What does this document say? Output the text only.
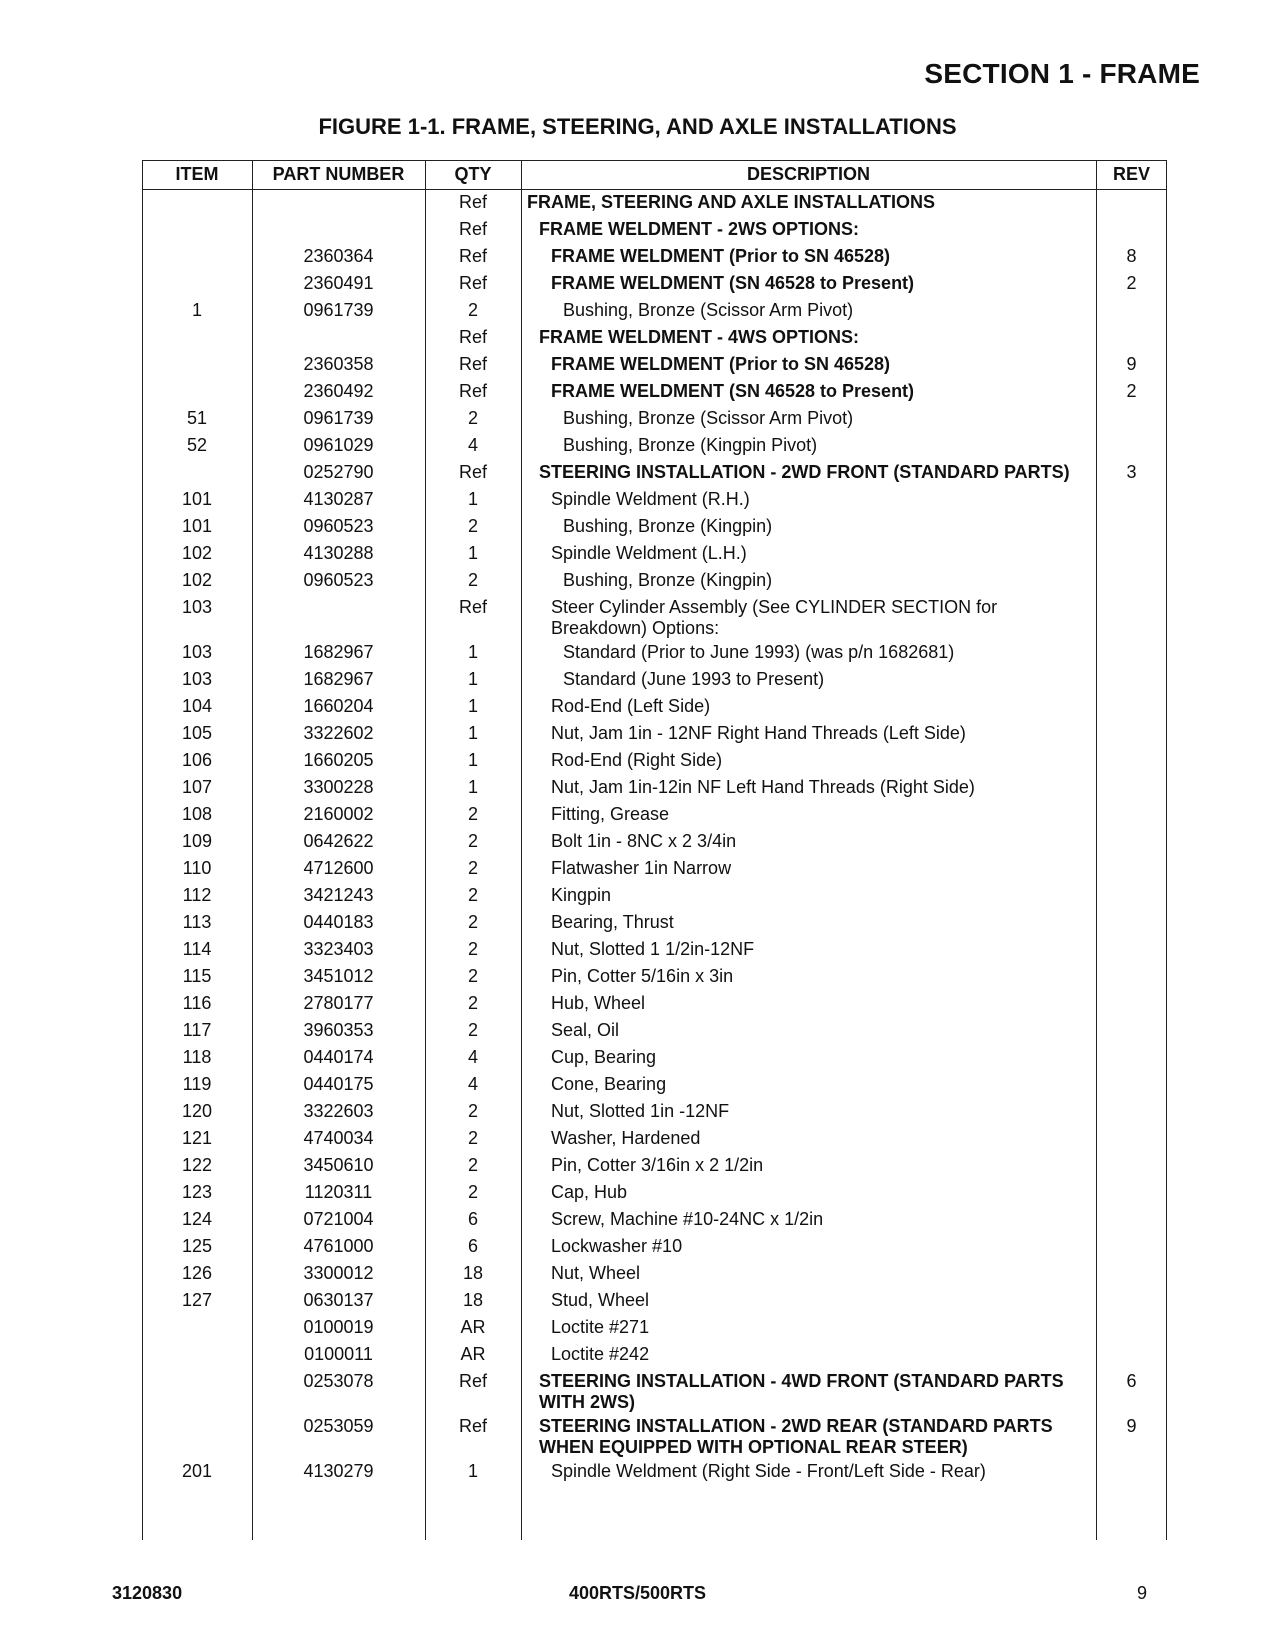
SECTION 1 - FRAME
FIGURE 1-1. FRAME, STEERING, AND AXLE INSTALLATIONS
ITEM	PART NUMBER	QTY	DESCRIPTION	REV
		Ref	FRAME, STEERING AND AXLE INSTALLATIONS	
		Ref	FRAME WELDMENT - 2WS OPTIONS:	
	2360364	Ref	FRAME WELDMENT (Prior to SN 46528)	8
	2360491	Ref	FRAME WELDMENT (SN 46528 to Present)	2
1	0961739	2	Bushing, Bronze (Scissor Arm Pivot)	
		Ref	FRAME WELDMENT - 4WS OPTIONS:	
	2360358	Ref	FRAME WELDMENT (Prior to SN 46528)	9
	2360492	Ref	FRAME WELDMENT (SN 46528 to Present)	2
51	0961739	2	Bushing, Bronze (Scissor Arm Pivot)	
52	0961029	4	Bushing, Bronze (Kingpin Pivot)	
	0252790	Ref	STEERING INSTALLATION - 2WD FRONT (STANDARD PARTS)	3
101	4130287	1	Spindle Weldment (R.H.)	
101	0960523	2	Bushing, Bronze (Kingpin)	
102	4130288	1	Spindle Weldment (L.H.)	
102	0960523	2	Bushing, Bronze (Kingpin)	
103		Ref	Steer Cylinder Assembly (See CYLINDER SECTION for Breakdown) Options:	
103	1682967	1	Standard (Prior to June 1993) (was p/n 1682681)	
103	1682967	1	Standard (June 1993 to Present)	
104	1660204	1	Rod-End (Left Side)	
105	3322602	1	Nut, Jam 1in - 12NF Right Hand Threads (Left Side)	
106	1660205	1	Rod-End (Right Side)	
107	3300228	1	Nut, Jam 1in-12in NF Left Hand Threads (Right Side)	
108	2160002	2	Fitting, Grease	
109	0642622	2	Bolt 1in - 8NC x 2 3/4in	
110	4712600	2	Flatwasher 1in Narrow	
112	3421243	2	Kingpin	
113	0440183	2	Bearing, Thrust	
114	3323403	2	Nut, Slotted 1 1/2in-12NF	
115	3451012	2	Pin, Cotter 5/16in x 3in	
116	2780177	2	Hub, Wheel	
117	3960353	2	Seal, Oil	
118	0440174	4	Cup, Bearing	
119	0440175	4	Cone, Bearing	
120	3322603	2	Nut, Slotted 1in -12NF	
121	4740034	2	Washer, Hardened	
122	3450610	2	Pin, Cotter 3/16in x 2 1/2in	
123	1120311	2	Cap, Hub	
124	0721004	6	Screw, Machine #10-24NC x 1/2in	
125	4761000	6	Lockwasher #10	
126	3300012	18	Nut, Wheel	
127	0630137	18	Stud, Wheel	
	0100019	AR	Loctite #271	
	0100011	AR	Loctite #242	
	0253078	Ref	STEERING INSTALLATION - 4WD FRONT (STANDARD PARTS WITH 2WS)	6
	0253059	Ref	STEERING INSTALLATION - 2WD REAR (STANDARD PARTS WHEN EQUIPPED WITH OPTIONAL REAR STEER)	9
201	4130279	1	Spindle Weldment (Right Side - Front/Left Side - Rear)	
3120830	400RTS/500RTS	9
